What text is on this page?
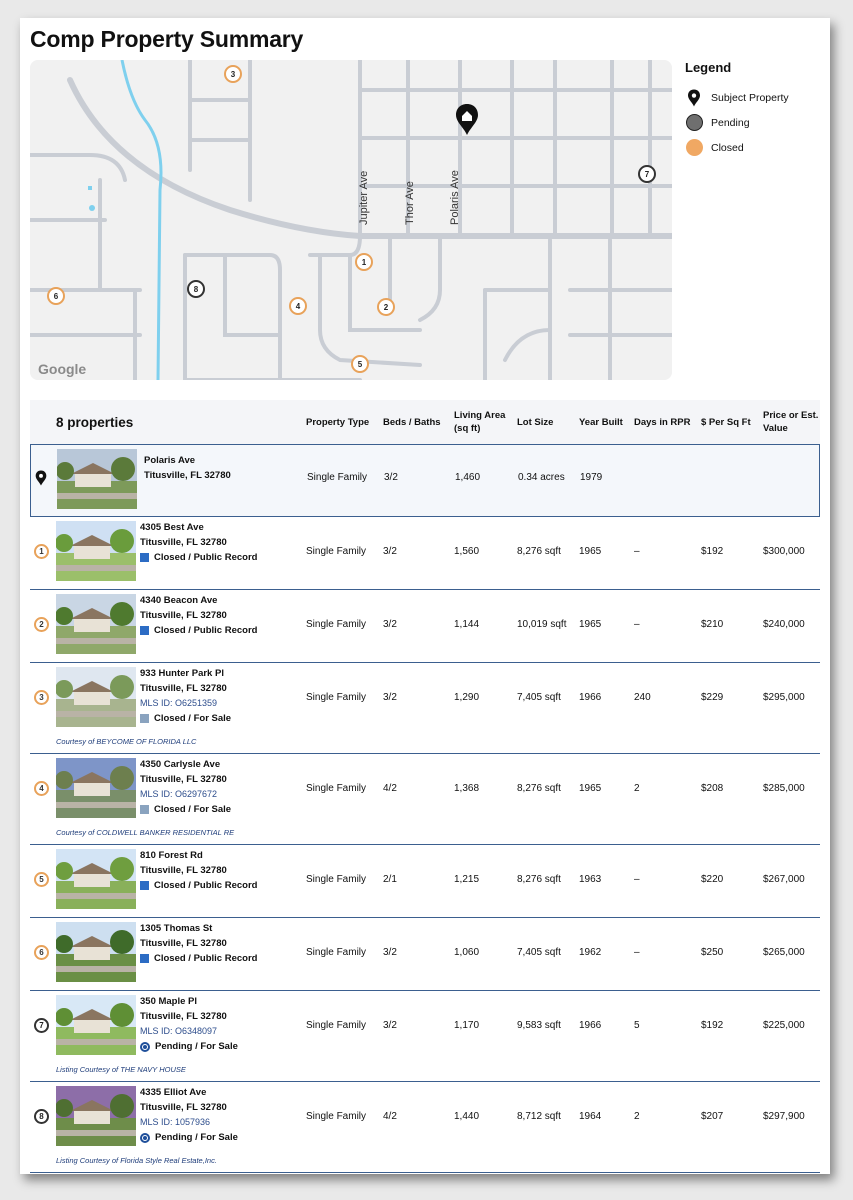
Comp Property Summary
Jupiter Ave	Thor Ave	Polaris Ave
3
7
1
2
6
8
4
5
Google
Legend
Subject Property
Pending
Closed
8 properties	Property Type	Beds / Baths
Living Area (sq ft)
Lot Size	Year Built	Days in RPR	$ Per Sq Ft
Price or Est. Value
Polaris Ave
Titusville, FL 32780	Single Family 3/2	1,460	0.34 acres 1979
1
4305 Best Ave
Titusville, FL 32780
Closed / Public Record
Single Family 3/2	1,560	8,276 sqft 1965	–	$192	$300,000
2
4340 Beacon Ave
Titusville, FL 32780
Closed / Public Record
Single Family 3/2	1,144	10,019 sqft 1965	–	$210	$240,000
3
933 Hunter Park Pl
Titusville, FL 32780
MLS ID: O6251359
Closed / For Sale
Courtesy of BEYCOME OF FLORIDA LLC
Single Family 3/2	1,290	7,405 sqft 1966	240	$229	$295,000
4
4350 Carlysle Ave
Titusville, FL 32780
MLS ID: O6297672
Closed / For Sale
Courtesy of COLDWELL BANKER RESIDENTIAL RE
Single Family 4/2	1,368	8,276 sqft 1965	2	$208	$285,000
5
810 Forest Rd
Titusville, FL 32780
Closed / Public Record
Single Family 2/1	1,215	8,276 sqft 1963	–	$220	$267,000
6
1305 Thomas St
Titusville, FL 32780
Closed / Public Record
Single Family 3/2	1,060	7,405 sqft 1962	–	$250	$265,000
7
350 Maple Pl
Titusville, FL 32780
MLS ID: O6348097
Pending / For Sale
Listing Courtesy of THE NAVY HOUSE
Single Family 3/2	1,170	9,583 sqft 1966	5	$192	$225,000
8
4335 Elliot Ave
Titusville, FL 32780
MLS ID: 1057936
Pending / For Sale
Listing Courtesy of Florida Style Real Estate,Inc.
Single Family 4/2	1,440	8,712 sqft 1964	2	$207	$297,900
